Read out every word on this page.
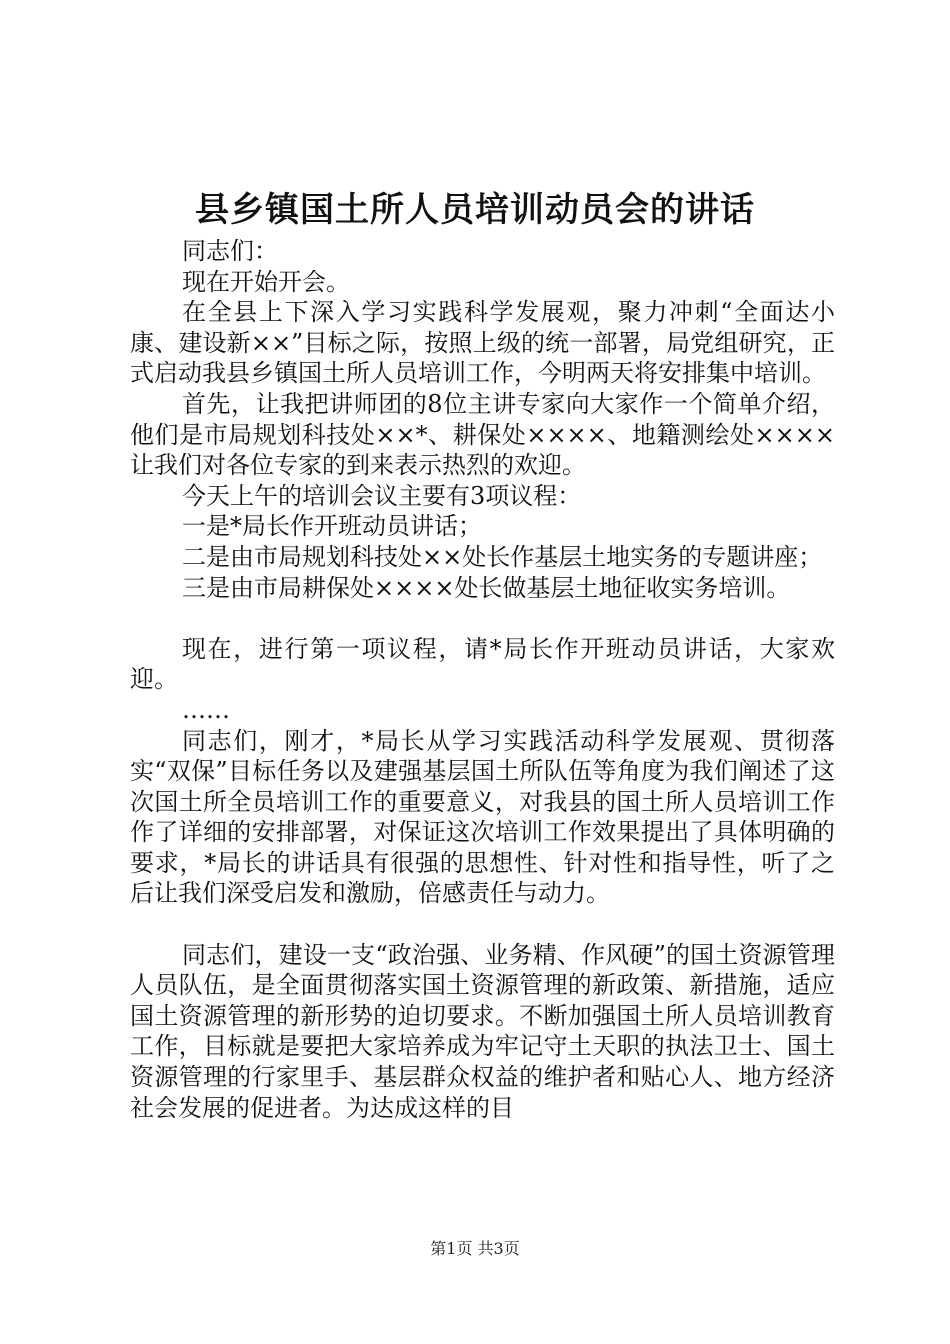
县乡镇国土所人员培训动员会的讲话

同志们：

现在开始开会。

在全县上下深入学习实践科学发展观，聚力冲刺“全面达小康、建设新××”目标之际，按照上级的统一部署，局党组研究，正式启动我县乡镇国土所人员培训工作，今明两天将安排集中培训。

首先，让我把讲师团的8位主讲专家向大家作一个简单介绍，他们是市局规划科技处××*、耕保处××××、地籍测绘处××××让我们对各位专家的到来表示热烈的欢迎。

今天上午的培训会议主要有3项议程：

一是*局长作开班动员讲话；

二是由市局规划科技处××处长作基层土地实务的专题讲座；

三是由市局耕保处××××处长做基层土地征收实务培训。

现在，进行第一项议程，请*局长作开班动员讲话，大家欢迎。

……

同志们，刚才，*局长从学习实践活动科学发展观、贯彻落实“双保”目标任务以及建强基层国土所队伍等角度为我们阐述了这次国土所全员培训工作的重要意义，对我县的国土所人员培训工作作了详细的安排部署，对保证这次培训工作效果提出了具体明确的要求，*局长的讲话具有很强的思想性、针对性和指导性，听了之后让我们深受启发和激励，倍感责任与动力。

同志们，建设一支“政治强、业务精、作风硬”的国土资源管理人员队伍，是全面贯彻落实国土资源管理的新政策、新措施，适应国土资源管理的新形势的迫切要求。不断加强国土所人员培训教育工作，目标就是要把大家培养成为牢记守土天职的执法卫士、国土资源管理的行家里手、基层群众权益的维护者和贴心人、地方经济社会发展的促进者。为达成这样的目

第1页 共3页
